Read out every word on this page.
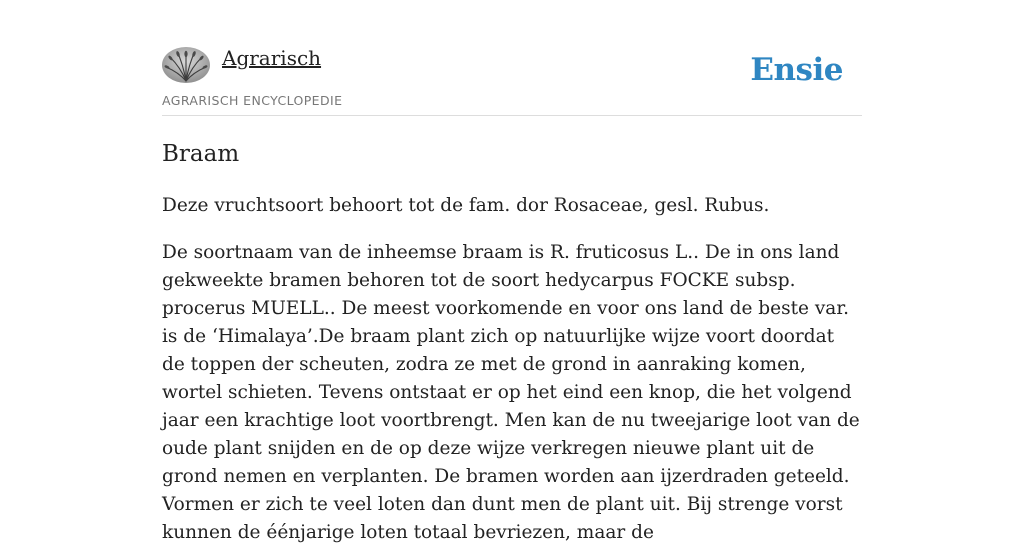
Agrarisch
AGRARISCH ENCYCLOPEDIE
Ensie
Braam

Deze vruchtsoort behoort tot de fam. dor Rosaceae, gesl. Rubus.

De soortnaam van de inheemse braam is R. fruticosus L.. De in ons land gekweekte bramen behoren tot de soort hedycarpus FOCKE subsp. procerus MUELL.. De meest voorkomende en voor ons land de beste var. is de ‘Himalaya’.De braam plant zich op natuurlijke wijze voort doordat de toppen der scheuten, zodra ze met de grond in aanraking komen, wortel schieten. Tevens ontstaat er op het eind een knop, die het volgend jaar een krachtige loot voortbrengt. Men kan de nu tweejarige loot van de oude plant snijden en de op deze wijze verkregen nieuwe plant uit de grond nemen en verplanten. De bramen worden aan ijzerdraden geteeld. Vormen er zich te veel loten dan dunt men de plant uit. Bij strenge vorst kunnen de éénjarige loten totaal bevriezen, maar de
